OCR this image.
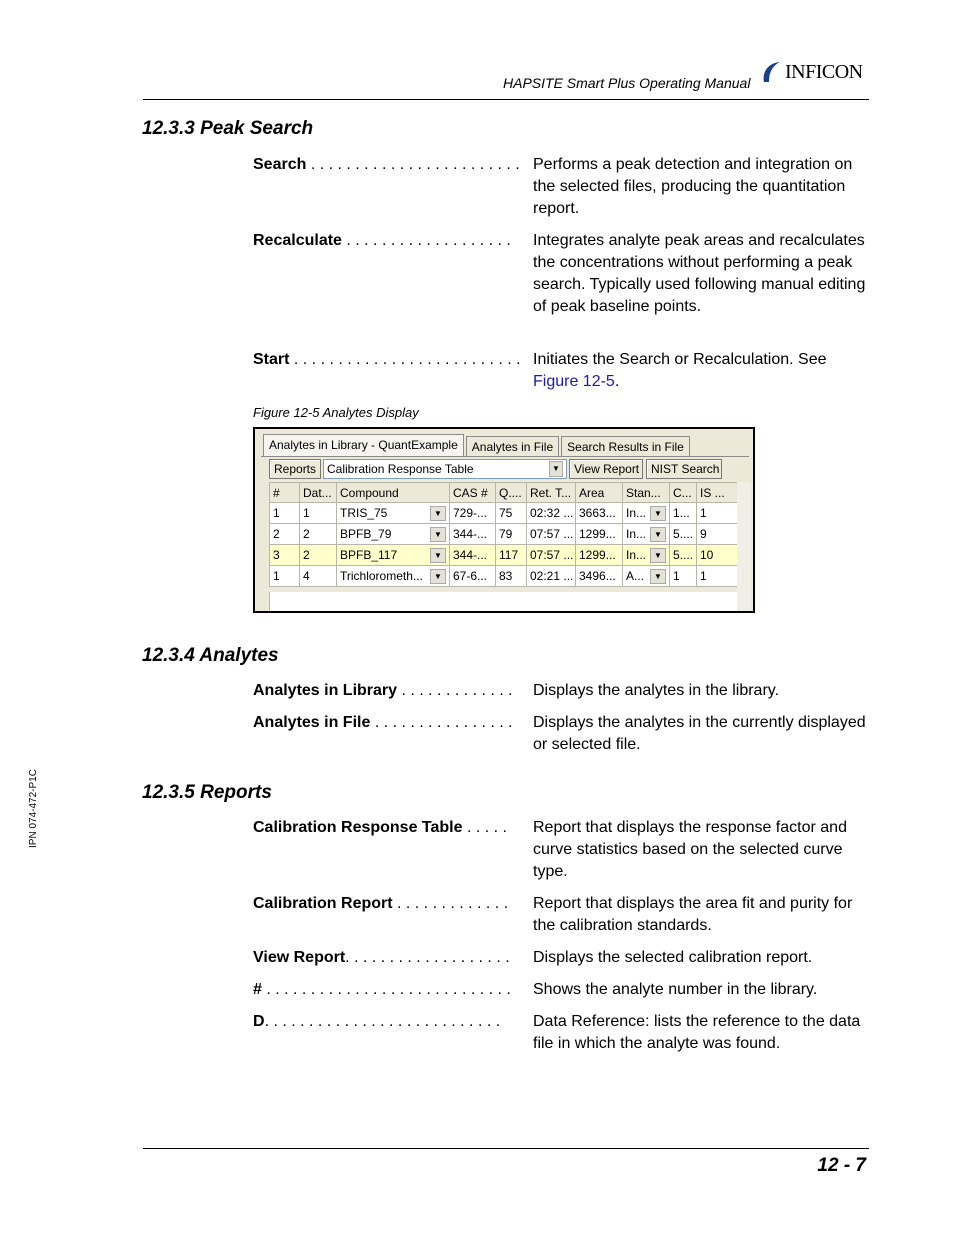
HAPSITE Smart Plus Operating Manual
INFICON
12.3.3 Peak Search
Search . . . . . . . . . . . . . . . . . . . . . . . . Performs a peak detection and integration on the selected files, producing the quantitation report.
Recalculate . . . . . . . . . . . . . . . . . . .	Integrates analyte peak areas and recalculates the concentrations without performing a peak search. Typically used following manual editing of peak baseline points.
Start . . . . . . . . . . . . . . . . . . . . . . . . . . Initiates the Search or Recalculation. See Figure 12-5.
Figure 12-5 Analytes Display
Analytes in Library - QuantExample	Analytes in File	Search Results in File
Reports Calibration Response Table	▼	View Report NIST Search
#	Dat...	Compound	CAS #	Q....	Ret. T...	Area	Stan...	C...	IS ...
1	1	TRIS_75 ▼	729-...	75	02:32 ...	3663...	In... ▼	1...	1
2	2	BPFB_79 ▼	344-...	79	07:57 ...	1299...	In... ▼	5....	9
3	2	BPFB_117 ▼	344-...	117	07:57 ...	1299...	In... ▼	5....	10
1	4	Trichlorometh... ▼	67-6...	83	02:21 ...	3496...	A... ▼	1	1
12.3.4 Analytes
Analytes in Library . . . . . . . . . . . . .	Displays the analytes in the library.
Analytes in File . . . . . . . . . . . . . . . .	Displays the analytes in the currently displayed or selected file.
12.3.5 Reports
Calibration Response Table . . . . .	Report that displays the response factor and curve statistics based on the selected curve type.
Calibration Report . . . . . . . . . . . . .	Report that displays the area fit and purity for the calibration standards.
View Report. . . . . . . . . . . . . . . . . . .	Displays the selected calibration report.
# . . . . . . . . . . . . . . . . . . . . . . . . . . . .	Shows the analyte number in the library.
D. . . . . . . . . . . . . . . . . . . . . . . . . . .	Data Reference: lists the reference to the data file in which the analyte was found.
IPN 074-472-P1C
12 - 7
